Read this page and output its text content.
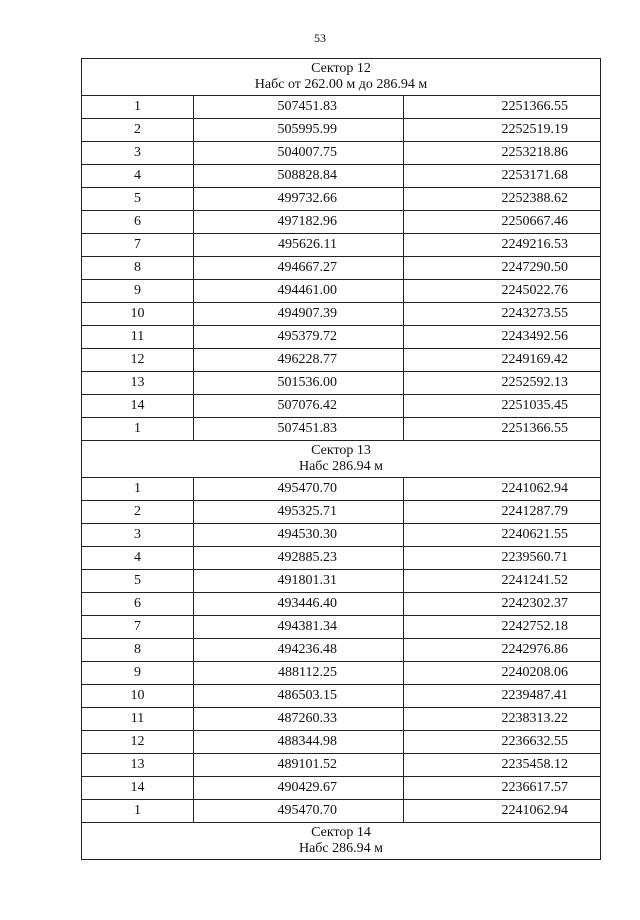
53
Сектор 12
Набс от 262.00 м до 286.94 м		

1	507451.83	2251366.55
2	505995.99	2252519.19
3	504007.75	2253218.86
4	508828.84	2253171.68
5	499732.66	2252388.62
6	497182.96	2250667.46
7	495626.11	2249216.53
8	494667.27	2247290.50
9	494461.00	2245022.76
10	494907.39	2243273.55
11	495379.72	2243492.56
12	496228.77	2249169.42
13	501536.00	2252592.13
14	507076.42	2251035.45
1	507451.83	2251366.55

Сектор 13
Набс 286.94 м		

1	495470.70	2241062.94
2	495325.71	2241287.79
3	494530.30	2240621.55
4	492885.23	2239560.71
5	491801.31	2241241.52
6	493446.40	2242302.37
7	494381.34	2242752.18
8	494236.48	2242976.86
9	488112.25	2240208.06
10	486503.15	2239487.41
11	487260.33	2238313.22
12	488344.98	2236632.55
13	489101.52	2235458.12
14	490429.67	2236617.57
1	495470.70	2241062.94

Сектор 14
Набс 286.94 м		
